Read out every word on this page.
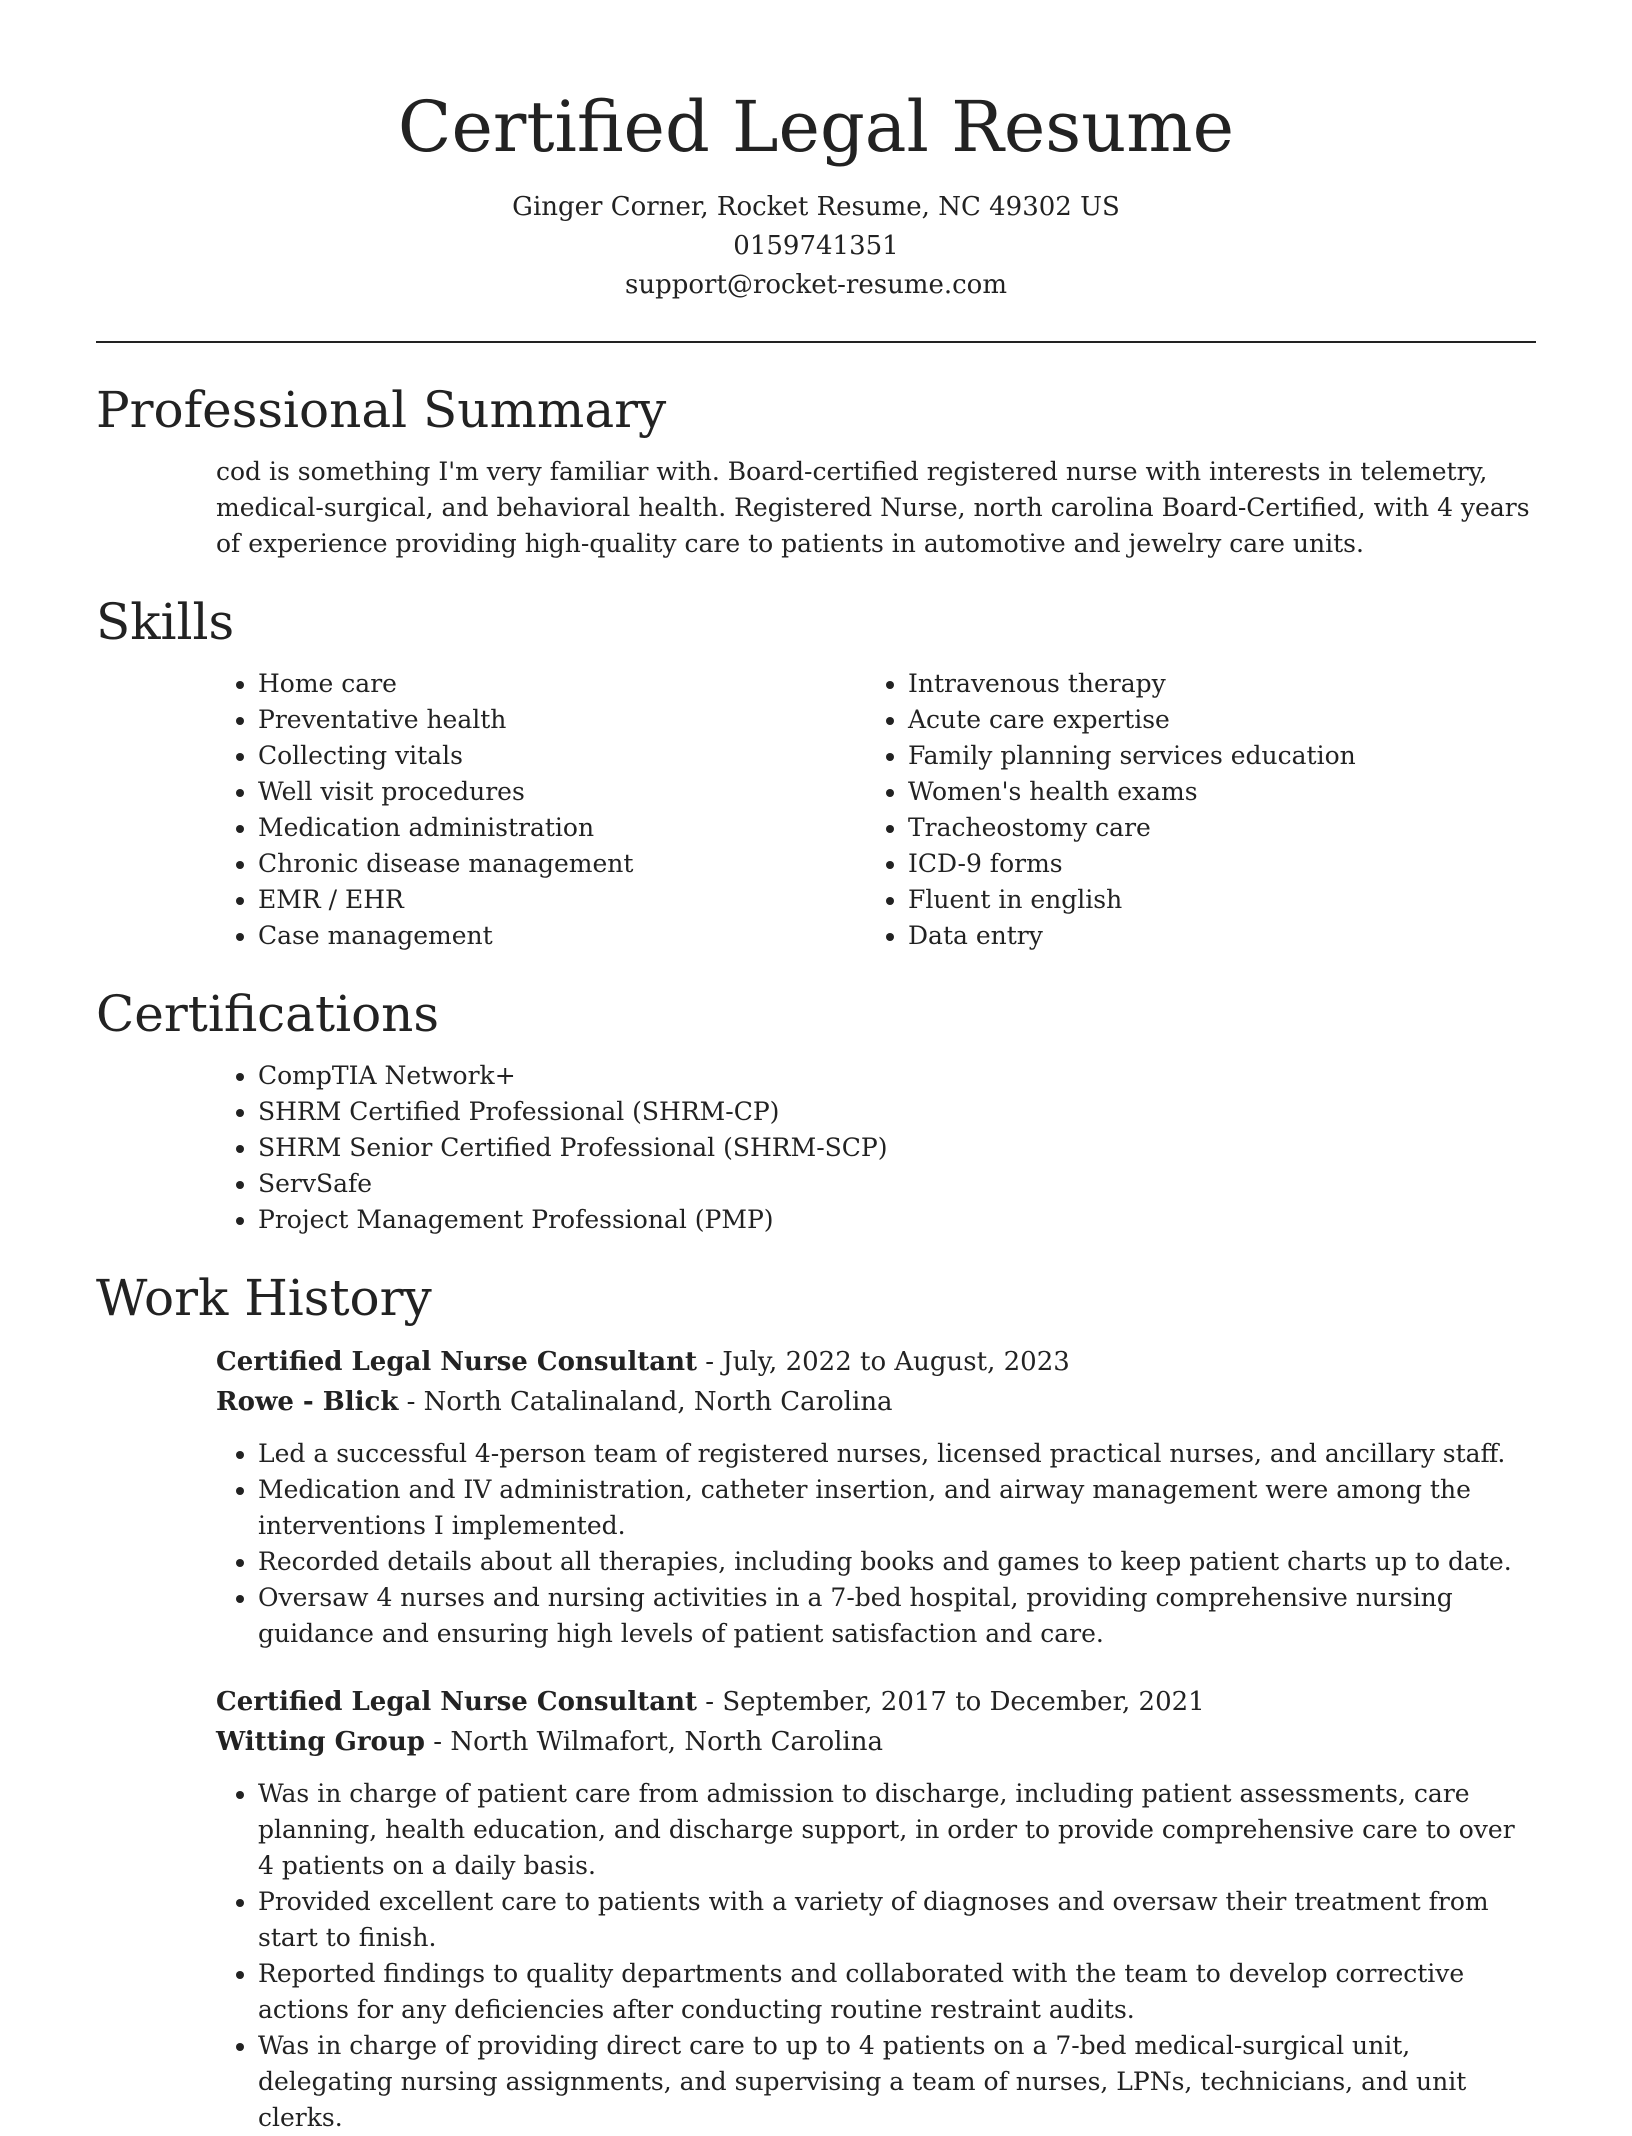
Certified Legal Resume
Ginger Corner, Rocket Resume, NC 49302 US
0159741351
support@rocket-resume.com
Professional Summary
cod is something I'm very familiar with. Board-certified registered nurse with interests in telemetry, medical-surgical, and behavioral health. Registered Nurse, north carolina Board-Certified, with 4 years of experience providing high-quality care to patients in automotive and jewelry care units.
Skills
• Home care
• Preventative health
• Collecting vitals
• Well visit procedures
• Medication administration
• Chronic disease management
• EMR / EHR
• Case management
• Intravenous therapy
• Acute care expertise
• Family planning services education
• Women's health exams
• Tracheostomy care
• ICD-9 forms
• Fluent in english
• Data entry
Certifications
• CompTIA Network+
• SHRM Certified Professional (SHRM-CP)
• SHRM Senior Certified Professional (SHRM-SCP)
• ServSafe
• Project Management Professional (PMP)
Work History
Certified Legal Nurse Consultant - July, 2022 to August, 2023
Rowe - Blick - North Catalinaland, North Carolina
• Led a successful 4-person team of registered nurses, licensed practical nurses, and ancillary staff.
• Medication and IV administration, catheter insertion, and airway management were among the interventions I implemented.
• Recorded details about all therapies, including books and games to keep patient charts up to date.
• Oversaw 4 nurses and nursing activities in a 7-bed hospital, providing comprehensive nursing guidance and ensuring high levels of patient satisfaction and care.
Certified Legal Nurse Consultant - September, 2017 to December, 2021
Witting Group - North Wilmafort, North Carolina
• Was in charge of patient care from admission to discharge, including patient assessments, care planning, health education, and discharge support, in order to provide comprehensive care to over 4 patients on a daily basis.
• Provided excellent care to patients with a variety of diagnoses and oversaw their treatment from start to finish.
• Reported findings to quality departments and collaborated with the team to develop corrective actions for any deficiencies after conducting routine restraint audits.
• Was in charge of providing direct care to up to 4 patients on a 7-bed medical-surgical unit, delegating nursing assignments, and supervising a team of nurses, LPNs, technicians, and unit clerks.
